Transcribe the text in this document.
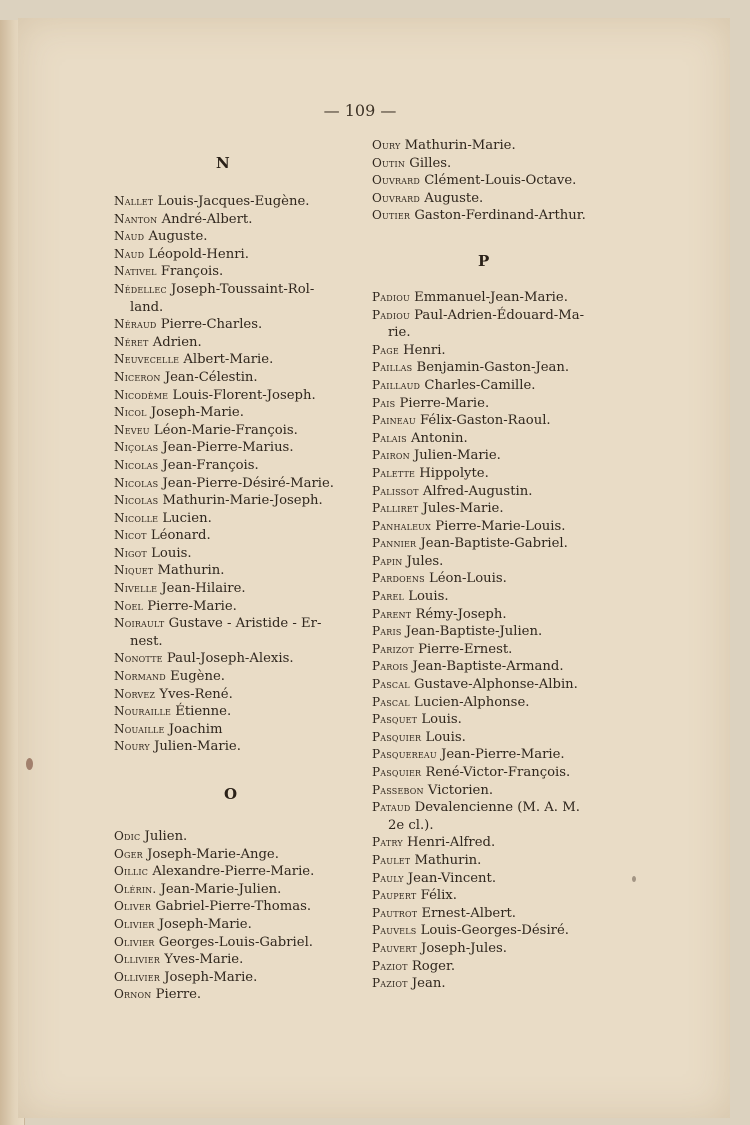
— 109 —
N
Nallet Louis-Jacques-Eugène.
Nanton André-Albert.
Naud Auguste.
Naud Léopold-Henri.
Nativel François.
Nédellec Joseph-Toussaint-Rol-
land.
Néraud Pierre-Charles.
Néret Adrien.
Neuvecelle Albert-Marie.
Niceron Jean-Célestin.
Nicodème Louis-Florent-Joseph.
Nicol Joseph-Marie.
Neveu Léon-Marie-François.
Niçolas Jean-Pierre-Marius.
Nicolas Jean-François.
Nicolas Jean-Pierre-Désiré-Marie.
Nicolas Mathurin-Marie-Joseph.
Nicolle Lucien.
Nicot Léonard.
Nigot Louis.
Niquet Mathurin.
Nivelle Jean-Hilaire.
Noel Pierre-Marie.
Noirault Gustave - Aristide - Er-
nest.
Nonotte Paul-Joseph-Alexis.
Normand Eugène.
Norvez Yves-René.
Nouraille Étienne.
Nouaille Joachim
Noury Julien-Marie.
O
Odic Julien.
Oger Joseph-Marie-Ange.
Oillic Alexandre-Pierre-Marie.
Olérin. Jean-Marie-Julien.
Oliver Gabriel-Pierre-Thomas.
Olivier Joseph-Marie.
Olivier Georges-Louis-Gabriel.
Ollivier Yves-Marie.
Ollivier Joseph-Marie.
Ornon Pierre.
Oury Mathurin-Marie.
Outin Gilles.
Ouvrard Clément-Louis-Octave.
Ouvrard Auguste.
Outier Gaston-Ferdinand-Arthur.
P
Padiou Emmanuel-Jean-Marie.
Padiou Paul-Adrien-Édouard-Ma-
rie.
Page Henri.
Paillas Benjamin-Gaston-Jean.
Paillaud Charles-Camille.
Pais Pierre-Marie.
Paineau Félix-Gaston-Raoul.
Palais Antonin.
Pairon Julien-Marie.
Palette Hippolyte.
Palissot Alfred-Augustin.
Palliret Jules-Marie.
Panhaleux Pierre-Marie-Louis.
Pannier Jean-Baptiste-Gabriel.
Papin Jules.
Pardoens Léon-Louis.
Parel Louis.
Parent Rémy-Joseph.
Paris Jean-Baptiste-Julien.
Parizot Pierre-Ernest.
Parois Jean-Baptiste-Armand.
Pascal Gustave-Alphonse-Albin.
Pascal Lucien-Alphonse.
Pasquet Louis.
Pasquier Louis.
Pasquereau Jean-Pierre-Marie.
Pasquier René-Victor-François.
Passebon Victorien.
Pataud Devalencienne (M. A. M.
2e cl.).
Patry Henri-Alfred.
Paulet Mathurin.
Pauly Jean-Vincent.
Paupert Félix.
Pautrot Ernest-Albert.
Pauvels Louis-Georges-Désiré.
Pauvert Joseph-Jules.
Paziot Roger.
Paziot Jean.
